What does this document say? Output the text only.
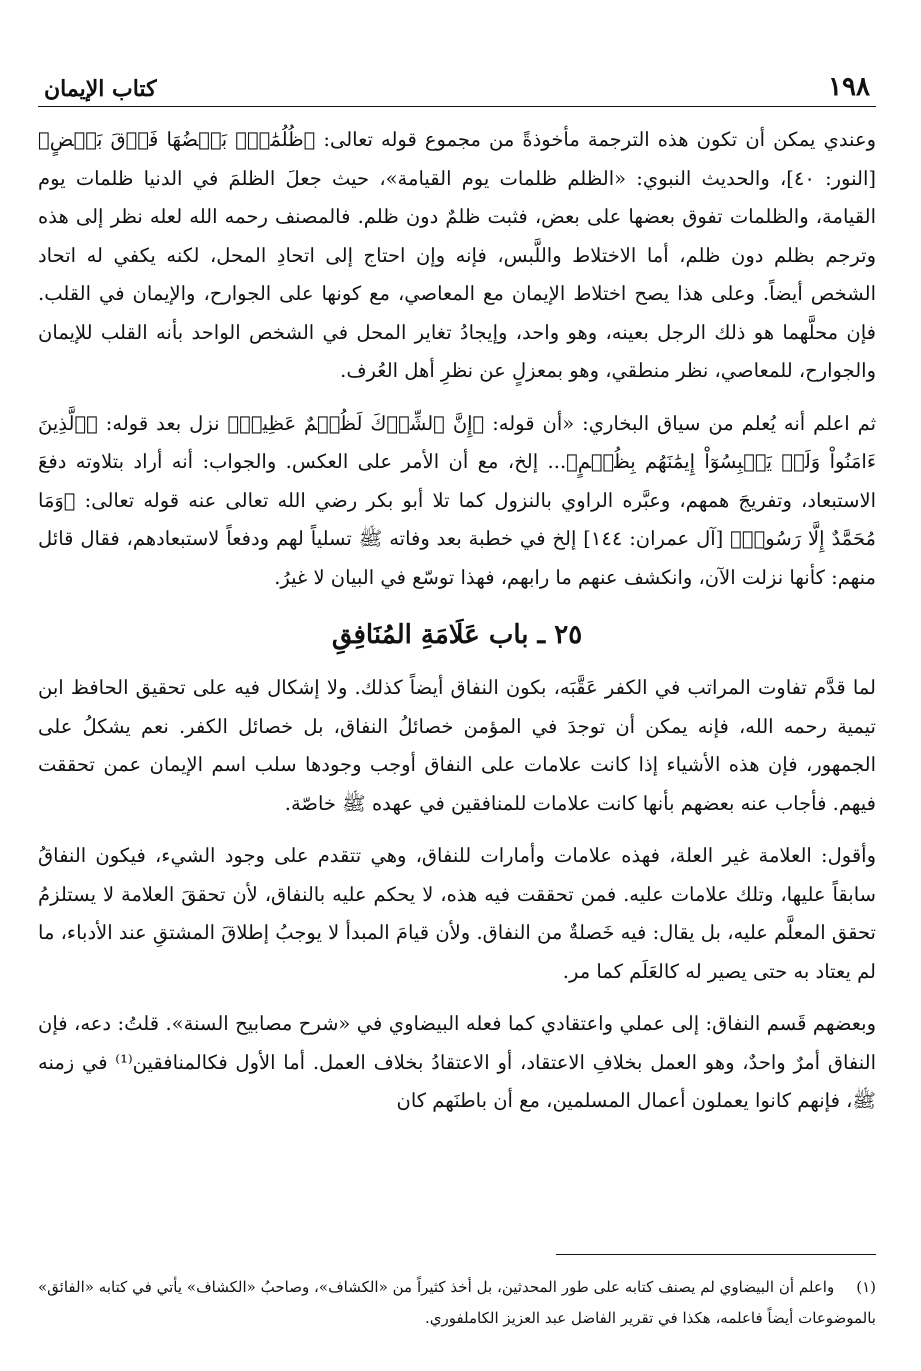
١٩٨
كتاب الإيمان

وعندي يمكن أن تكون هذه الترجمة مأخوذةً من مجموع قوله تعالى: ﴿ظُلُمَٰتُۢ بَعۡضُهَا فَوۡقَ بَعۡضٍ﴾ [النور: ٤٠]، والحديث النبوي: «الظلم ظلمات يوم القيامة»، حيث جعلَ الظلمَ في الدنيا ظلمات يوم القيامة، والظلمات تفوق بعضها على بعض، فثبت ظلمٌ دون ظلم. فالمصنف رحمه الله لعله نظر إلى هذه وترجم بظلم دون ظلم، أما الاختلاط واللَّبس، فإنه وإن احتاج إلى اتحادِ المحل، لكنه يكفي له اتحاد الشخص أيضاً. وعلى هذا يصح اختلاط الإيمان مع المعاصي، مع كونها على الجوارح، والإيمان في القلب. فإن محلَّهما هو ذلك الرجل بعينه، وهو واحد، وإيجادُ تغاير المحل في الشخص الواحد بأنه القلب للإيمان والجوارح، للمعاصي، نظر منطقي، وهو بمعزلٍ عن نظرِ أهل العُرف.

ثم اعلم أنه يُعلم من سياق البخاري: «أن قوله: ﴿إِنَّ ٱلشِّرۡكَ لَظُلۡمٌ عَظِيمٞ﴾ نزل بعد قوله: ﴿ٱلَّذِينَ ءَامَنُواْ وَلَمۡ يَلۡبِسُوٓاْ إِيمَٰنَهُم بِظُلۡمٍ﴾... إلخ، مع أن الأمر على العكس. والجواب: أنه أراد بتلاوته دفعَ الاستبعاد، وتفريجَ همهم، وعبَّره الراوي بالنزول كما تلا أبو بكر رضي الله تعالى عنه قوله تعالى: ﴿وَمَا مُحَمَّدٌ إِلَّا رَسُولٞ﴾ [آل عمران: ١٤٤] إلخ في خطبة بعد وفاته ﷺ تسلياً لهم ودفعاً لاستبعادهم، فقال قائل منهم: كأنها نزلت الآن، وانكشف عنهم ما رابهم، فهذا توسّع في البيان لا غيرُ.

٢٥ ـ باب عَلَامَةِ المُنَافِقِ

لما قدَّم تفاوت المراتب في الكفر عَقَّبَه، بكون النفاق أيضاً كذلك. ولا إشكال فيه على تحقيق الحافظ ابن تيمية رحمه الله، فإنه يمكن أن توجدَ في المؤمن خصائلُ النفاق، بل خصائل الكفر. نعم يشكلُ على الجمهور، فإن هذه الأشياء إذا كانت علامات على النفاق أوجب وجودها سلب اسم الإيمان عمن تحققت فيهم. فأجاب عنه بعضهم بأنها كانت علامات للمنافقين في عهده ﷺ خاصّة.

وأقول: العلامة غير العلة، فهذه علامات وأمارات للنفاق، وهي تتقدم على وجود الشيء، فيكون النفاقُ سابقاً عليها، وتلك علامات عليه. فمن تحققت فيه هذه، لا يحكم عليه بالنفاق، لأن تحققَ العلامة لا يستلزمُ تحقق المعلَّم عليه، بل يقال: فيه خَصلةٌ من النفاق. ولأن قيامَ المبدأ لا يوجبُ إطلاقَ المشتقِ عند الأدباء، ما لم يعتاد به حتى يصير له كالعَلَم كما مر.

وبعضهم قَسم النفاق: إلى عملي واعتقادي كما فعله البيضاوي في «شرح مصابيح السنة». قلتُ: دعه، فإن النفاق أمرٌ واحدٌ، وهو العمل بخلافِ الاعتقاد، أو الاعتقادُ بخلاف العمل. أما الأول فكالمنافقين⁽¹⁾ في زمنه ﷺ، فإنهم كانوا يعملون أعمال المسلمين، مع أن باطنَهم كان

(١)واعلم أن البيضاوي لم يصنف كتابه على طور المحدثين، بل أخذ كثيراً من «الكشاف»، وصاحبُ «الكشاف» يأتي في كتابه «الفائق» بالموضوعات أيضاً فاعلمه، هكذا في تقرير الفاضل عبد العزيز الكاملفوري.
